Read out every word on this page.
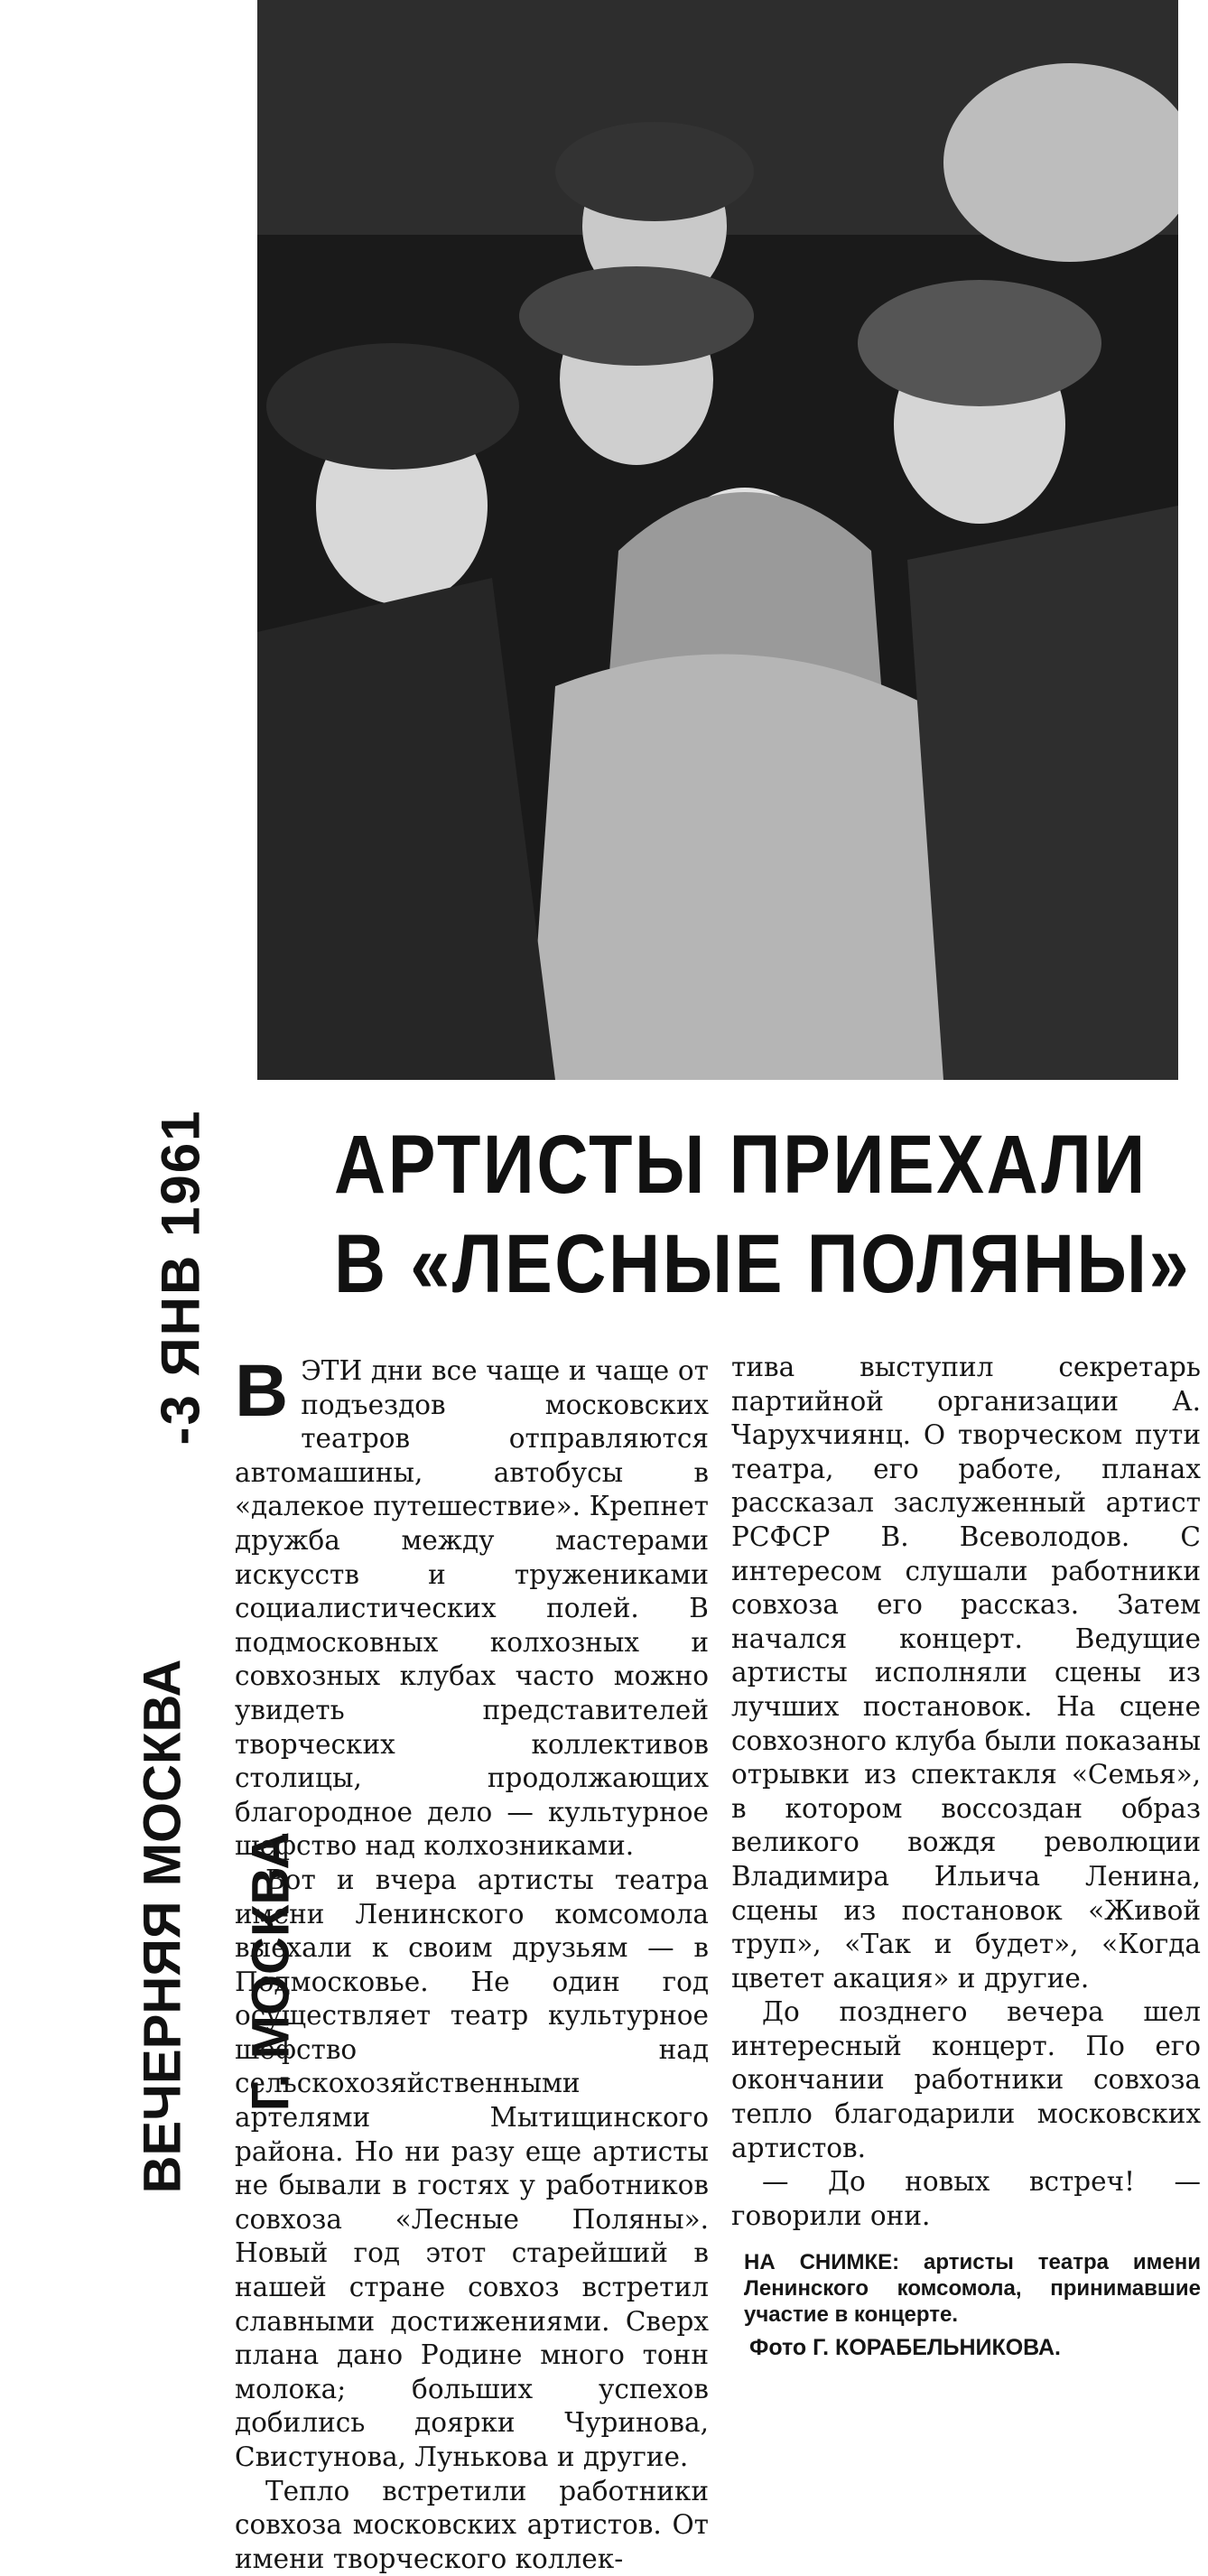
-3 ЯНВ 1961
ВЕЧЕРНЯЯ МОСКВА Г. МОСКВА
АРТИСТЫ ПРИЕХАЛИ
В «ЛЕСНЫЕ ПОЛЯНЫ»

ВЭТИ дни все чаще и чаще от подъездов московских театров отправляются автомашины, автобусы в «далекое путешествие». Крепнет дружба между мастерами искусств и тружениками социалистических полей. В подмосковных колхозных и совхозных клубах часто можно увидеть представителей творческих коллективов столицы, продолжающих благородное дело — культурное шефство над колхозниками.

Вот и вчера артисты театра имени Ленинского комсомола выехали к своим друзьям — в Подмосковье. Не один год осуществляет театр культурное шефство над сельскохозяйственными артелями Мытищинского района. Но ни разу еще артисты не бывали в гостях у работников совхоза «Лесные Поляны». Новый год этот старейший в нашей стране совхоз встретил славными достижениями. Сверх плана дано Родине много тонн молока; больших успехов добились доярки Чуринова, Свистунова, Лунькова и другие.

Тепло встретили работники совхоза московских артистов. От имени творческого коллек-

тива выступил секретарь партийной организации А. Чарухчиянц. О творческом пути театра, его работе, планах рассказал заслуженный артист РСФСР В. Всеволодов. С интересом слушали работники совхоза его рассказ. Затем начался концерт. Ведущие артисты исполняли сцены из лучших постановок. На сцене совхозного клуба были показаны отрывки из спектакля «Семья», в котором воссоздан образ великого вождя революции Владимира Ильича Ленина, сцены из постановок «Живой труп», «Так и будет», «Когда цветет акация» и другие.

До позднего вечера шел интересный концерт. По его окончании работники совхоза тепло благодарили московских артистов.

— До новых встреч! — говорили они.

НА СНИМКЕ: артисты театра имени Ленинского комсомола, принимавшие участие в концерте.
Фото Г. КОРАБЕЛЬНИКОВА.
